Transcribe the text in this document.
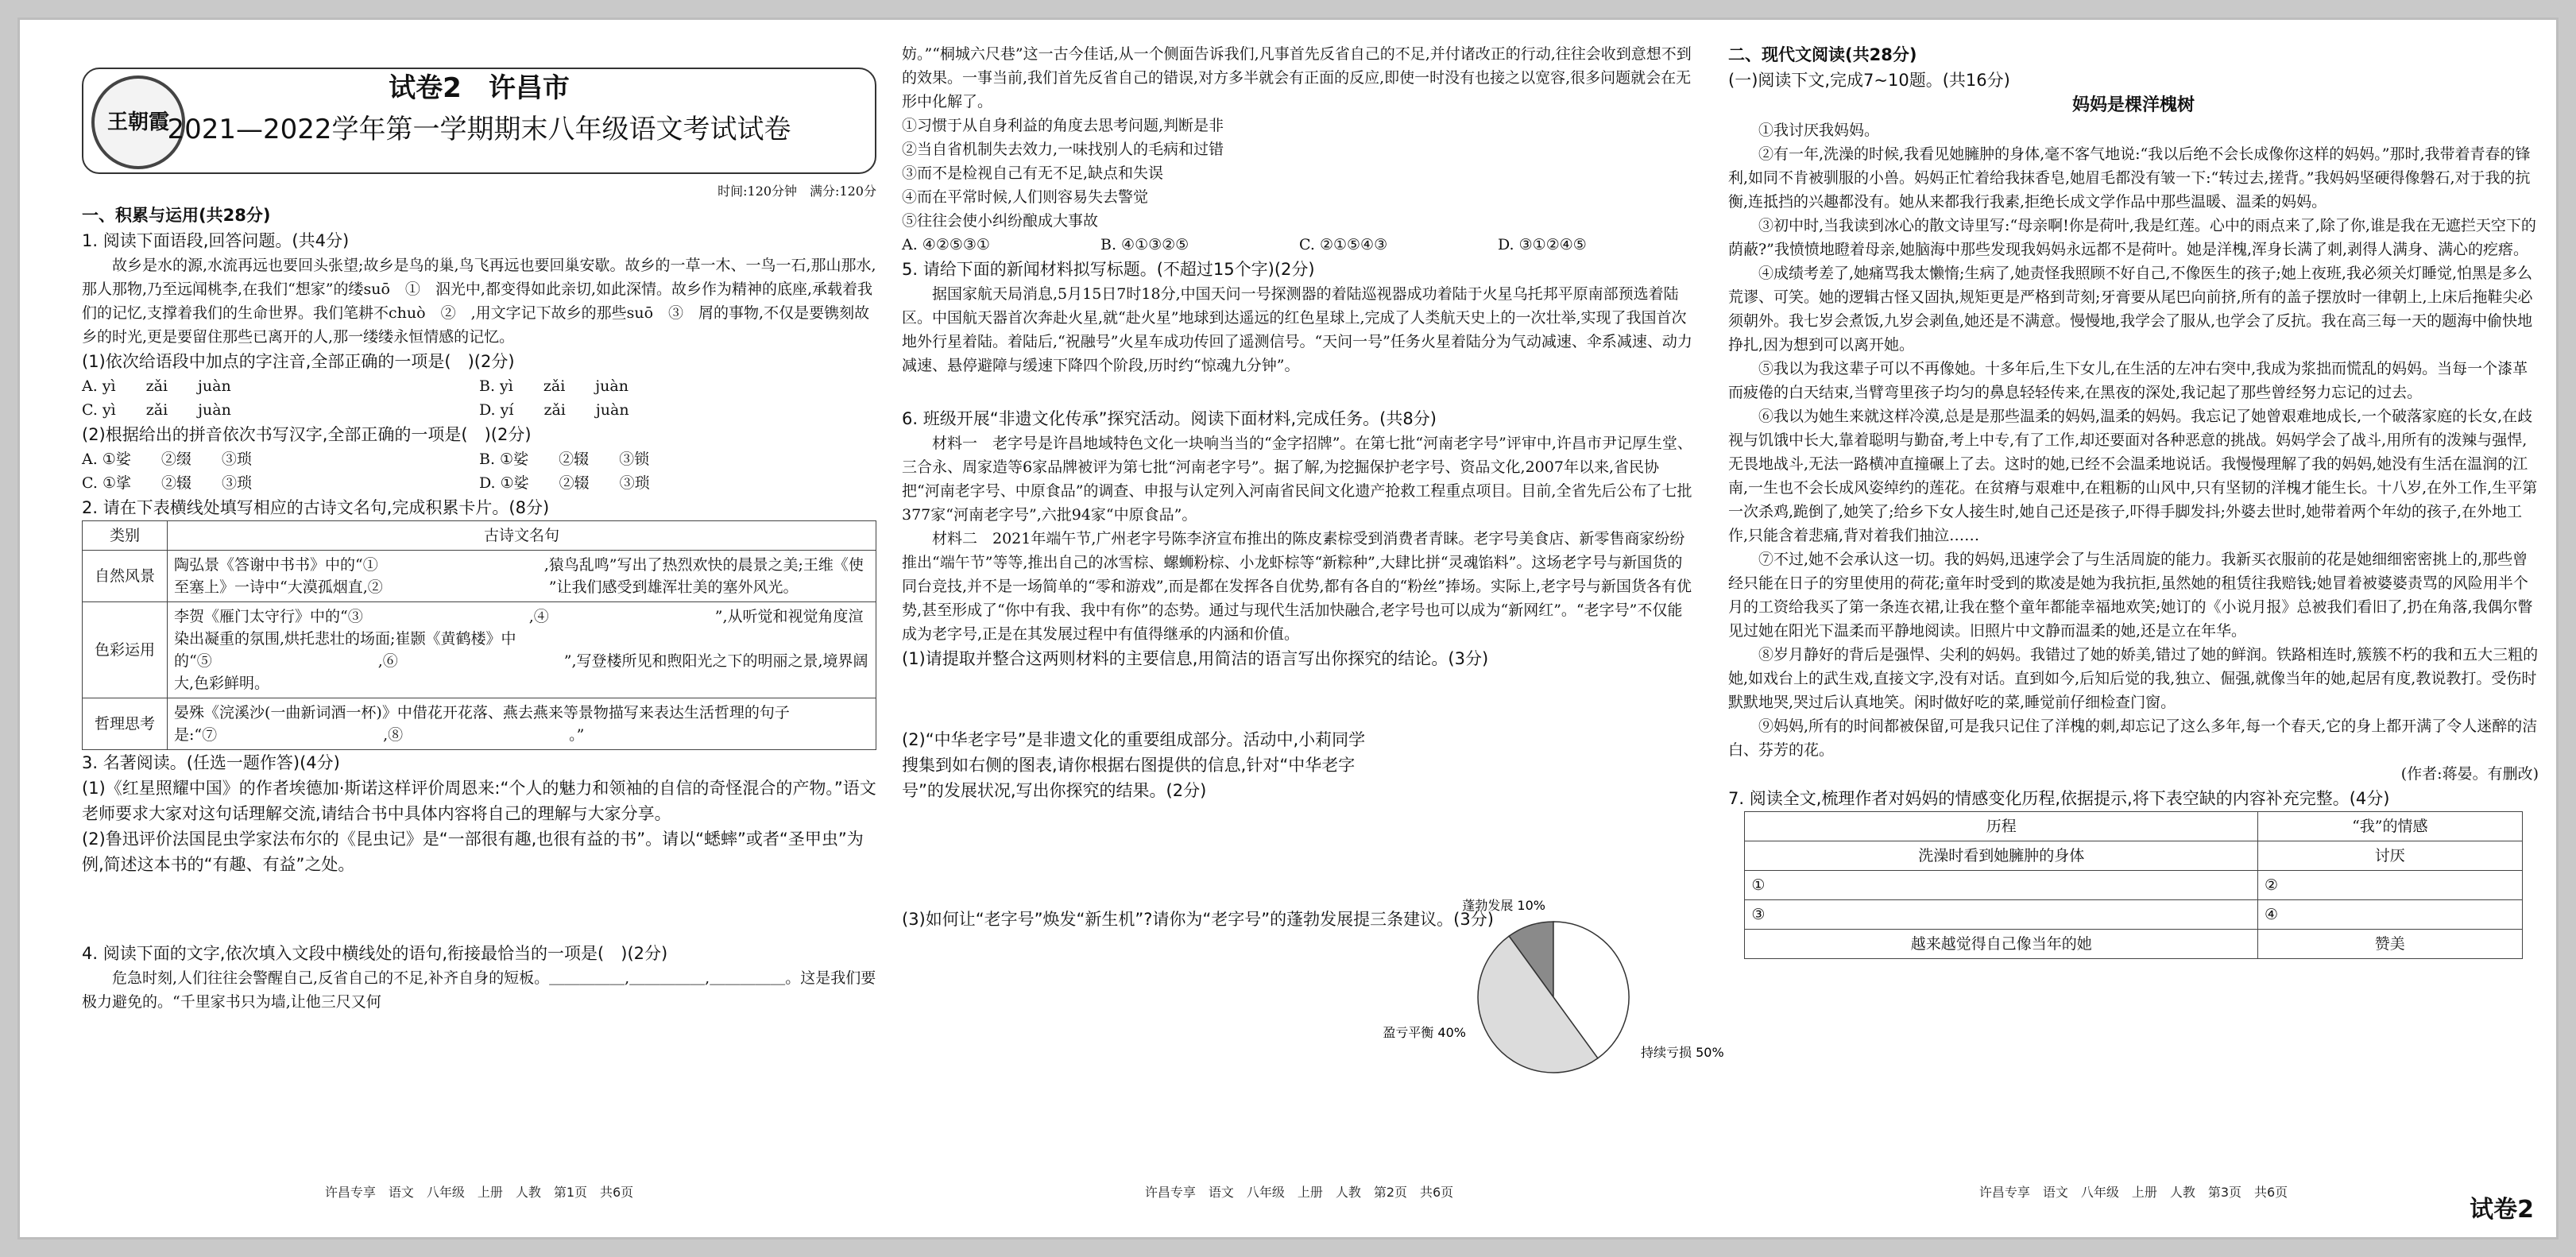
王朝霞
试卷2　许昌市
2021—2022学年第一学期期末八年级语文考试试卷
时间:120分钟　满分:120分

一、积累与运用(共28分)

1. 阅读下面语段,回答问题。(共4分)

故乡是水的源,水流再远也要回头张望;故乡是鸟的巢,鸟飞再远也要回巢安歇。故乡的一草一木、一鸟一石,那山那水,那人那物,乃至远闻桃李,在我们“想家”的缕suō　①　泅光中,都变得如此亲切,如此深情。故乡作为精神的底座,承载着我们的记忆,支撑着我们的生命世界。我们笔耕不chuò　②　,用文字记下故乡的那些suō　③　屑的事物,不仅是要镌刻故乡的时光,更是要留住那些已离开的人,那一缕缕永恒情感的记忆。

(1)依次给语段中加点的字注音,全部正确的一项是(　)(2分)

A. yì　　zǎi　　juàn	B. yì　　zǎi　　juàn
C. yì　　zǎi　　juàn	D. yí　　zǎi　　juàn

(2)根据给出的拼音依次书写汉字,全部正确的一项是(　)(2分)

A. ①娑　　②缀　　③琐	B. ①娑　　②辍　　③锁
C. ①挲　　②辍　　③琐	D. ①娑　　②辍　　③琐

2. 请在下表横线处填写相应的古诗文名句,完成积累卡片。(8分)

类别	古诗文名句
自然风景	陶弘景《答谢中书书》中的“①　　　　　　　　　　　,猿鸟乱鸣”写出了热烈欢快的晨景之美;王维《使至塞上》一诗中“大漠孤烟直,②　　　　　　　　　　　”让我们感受到雄浑壮美的塞外风光。
色彩运用	李贺《雁门太守行》中的“③　　　　　　　　　　　,④　　　　　　　　　　　”,从听觉和视觉角度渲染出凝重的氛围,烘托悲壮的场面;崔颢《黄鹤楼》中的“⑤　　　　　　　　　　　,⑥　　　　　　　　　　　”,写登楼所见和煦阳光之下的明丽之景,境界阔大,色彩鲜明。
哲理思考	晏殊《浣溪沙(一曲新词酒一杯)》中借花开花落、燕去燕来等景物描写来表达生活哲理的句子是:“⑦　　　　　　　　　　　,⑧　　　　　　　　　　　。”

3. 名著阅读。(任选一题作答)(4分)

(1)《红星照耀中国》的作者埃德加·斯诺这样评价周恩来:“个人的魅力和领袖的自信的奇怪混合的产物。”语文老师要求大家对这句话理解交流,请结合书中具体内容将自己的理解与大家分享。

(2)鲁迅评价法国昆虫学家法布尔的《昆虫记》是“一部很有趣,也很有益的书”。请以“蟋蟀”或者“圣甲虫”为例,简述这本书的“有趣、有益”之处。

4. 阅读下面的文字,依次填入文段中横线处的语句,衔接最恰当的一项是(　)(2分)

危急时刻,人们往往会警醒自己,反省自己的不足,补齐自身的短板。＿＿＿＿＿,＿＿＿＿＿,＿＿＿＿＿。这是我们要极力避免的。“千里家书只为墙,让他三尺又何

许昌专享　语文　八年级　上册　人教　第1页　共6页

妨。”“桐城六尺巷”这一古今佳话,从一个侧面告诉我们,凡事首先反省自己的不足,并付诸改正的行动,往往会收到意想不到的效果。一事当前,我们首先反省自己的错误,对方多半就会有正面的反应,即使一时没有也接之以宽容,很多问题就会在无形中化解了。

①习惯于从自身利益的角度去思考问题,判断是非

②当自省机制失去效力,一味找别人的毛病和过错

③而不是检视自己有无不足,缺点和失误

④而在平常时候,人们则容易失去警觉

⑤往往会使小纠纷酿成大事故

A. ④②⑤③①	B. ④①③②⑤	C. ②①⑤④③	D. ③①②④⑤

5. 请给下面的新闻材料拟写标题。(不超过15个字)(2分)

据国家航天局消息,5月15日7时18分,中国天问一号探测器的着陆巡视器成功着陆于火星乌托邦平原南部预选着陆区。中国航天器首次奔赴火星,就“赴火星”地球到达遥远的红色星球上,完成了人类航天史上的一次壮举,实现了我国首次地外行星着陆。着陆后,“祝融号”火星车成功传回了遥测信号。“天问一号”任务火星着陆分为气动减速、伞系减速、动力减速、悬停避障与缓速下降四个阶段,历时约“惊魂九分钟”。

6. 班级开展“非遗文化传承”探究活动。阅读下面材料,完成任务。(共8分)

材料一　老字号是许昌地域特色文化一块响当当的“金字招牌”。在第七批“河南老字号”评审中,许昌市尹记厚生堂、三合永、周家造等6家品牌被评为第七批“河南老字号”。据了解,为挖掘保护老字号、资品文化,2007年以来,省民协把“河南老字号、中原食品”的调查、申报与认定列入河南省民间文化遗产抢救工程重点项目。目前,全省先后公布了七批377家“河南老字号”,六批94家“中原食品”。

材料二　2021年端午节,广州老字号陈李济宣布推出的陈皮素棕受到消费者青睐。老字号美食店、新零售商家纷纷推出“端午节”等等,推出自己的冰雪棕、螺蛳粉棕、小龙虾棕等“新粽种”,大肆比拼“灵魂馅料”。这场老字号与新国货的同台竞技,并不是一场简单的“零和游戏”,而是都在发挥各自优势,都有各自的“粉丝”捧场。实际上,老字号与新国货各有优势,甚至形成了“你中有我、我中有你”的态势。通过与现代生活加快融合,老字号也可以成为“新网红”。“老字号”不仅能成为老字号,正是在其发展过程中有值得继承的内涵和价值。

(1)请提取并整合这两则材料的主要信息,用简洁的语言写出你探究的结论。(3分)

(2)“中华老字号”是非遗文化的重要组成部分。活动中,小莉同学搜集到如右侧的图表,请你根据右图提供的信息,针对“中华老字号”的发展状况,写出你探究的结果。(2分)

(3)如何让“老字号”焕发“新生机”?请你为“老字号”的蓬勃发展提三条建议。(3分)

许昌专享　语文　八年级　上册　人教　第2页　共6页
蓬勃发展 10%
盈亏平衡 40%
持续亏损 50%

二、现代文阅读(共28分)

(一)阅读下文,完成7~10题。(共16分)

妈妈是棵洋槐树

①我讨厌我妈妈。

②有一年,洗澡的时候,我看见她臃肿的身体,毫不客气地说:“我以后绝不会长成像你这样的妈妈。”那时,我带着青春的锋利,如同不肯被驯服的小兽。妈妈正忙着给我抹香皂,她眉毛都没有皱一下:“转过去,搓背。”我妈妈坚硬得像磐石,对于我的抗衡,连抵挡的兴趣都没有。她从来都我行我素,拒绝长成文学作品中那些温暖、温柔的妈妈。

③初中时,当我读到冰心的散文诗里写:“母亲啊!你是荷叶,我是红莲。心中的雨点来了,除了你,谁是我在无遮拦天空下的荫蔽?”我愤愤地瞪着母亲,她脑海中那些发现我妈妈永远都不是荷叶。她是洋槐,浑身长满了刺,剥得人满身、满心的疙瘩。

④成绩考差了,她痛骂我太懒惰;生病了,她责怪我照顾不好自己,不像医生的孩子;她上夜班,我必须关灯睡觉,怕黑是多么荒谬、可笑。她的逻辑古怪又固执,规矩更是严格到苛刻;牙膏要从尾巴向前挤,所有的盖子摆放时一律朝上,上床后拖鞋尖必须朝外。我七岁会煮饭,九岁会剥鱼,她还是不满意。慢慢地,我学会了服从,也学会了反抗。我在高三每一天的题海中偷快地挣扎,因为想到可以离开她。

⑤我以为我这辈子可以不再像她。十多年后,生下女儿,在生活的左冲右突中,我成为浆拙而慌乱的妈妈。当每一个漆革而疲倦的白天结束,当臂弯里孩子均匀的鼻息轻轻传来,在黑夜的深处,我记起了那些曾经努力忘记的过去。

⑥我以为她生来就这样冷漠,总是是那些温柔的妈妈,温柔的妈妈。我忘记了她曾艰难地成长,一个破落家庭的长女,在歧视与饥饿中长大,靠着聪明与勤奋,考上中专,有了工作,却还要面对各种恶意的挑战。妈妈学会了战斗,用所有的泼辣与强悍,无畏地战斗,无法一路横冲直撞碾上了去。这时的她,已经不会温柔地说话。我慢慢理解了我的妈妈,她没有生活在温润的江南,一生也不会长成风姿绰约的莲花。在贫瘠与艰难中,在粗粝的山风中,只有坚韧的洋槐才能生长。十八岁,在外工作,生平第一次杀鸡,跪倒了,她笑了;给乡下女人接生时,她自己还是孩子,吓得手脚发抖;外婆去世时,她带着两个年幼的孩子,在外地工作,只能含着悲痛,背对着我们抽泣……

⑦不过,她不会承认这一切。我的妈妈,迅速学会了与生活周旋的能力。我新买衣服前的花是她细细密密挑上的,那些曾经只能在日子的穷里使用的荷花;童年时受到的欺凌是她为我抗拒,虽然她的租赁往我赔钱;她冒着被婆婆责骂的风险用半个月的工资给我买了第一条连衣裙,让我在整个童年都能幸福地欢笑;她订的《小说月报》总被我们看旧了,扔在角落,我偶尔瞥见过她在阳光下温柔而平静地阅读。旧照片中文静而温柔的她,还是立在年华。

⑧岁月静好的背后是强悍、尖利的妈妈。我错过了她的娇美,错过了她的鲜润。铁路相连时,簇簇不朽的我和五大三粗的她,如戏台上的武生戏,直接文字,没有对话。直到如今,后知后觉的我,独立、倔强,就像当年的她,起居有度,教说教打。受伤时默默地哭,哭过后认真地笑。闲时做好吃的菜,睡觉前仔细检查门窗。

⑨妈妈,所有的时间都被保留,可是我只记住了洋槐的刺,却忘记了这么多年,每一个春天,它的身上都开满了令人迷醉的洁白、芬芳的花。

(作者:蒋晏。有删改)

7. 阅读全文,梳理作者对妈妈的情感变化历程,依据提示,将下表空缺的内容补充完整。(4分)

历程	“我”的情感
洗澡时看到她臃肿的身体	讨厌
①	②
③	④
越来越觉得自己像当年的她	赞美
许昌专享　语文　八年级　上册　人教　第3页　共6页
试卷2
